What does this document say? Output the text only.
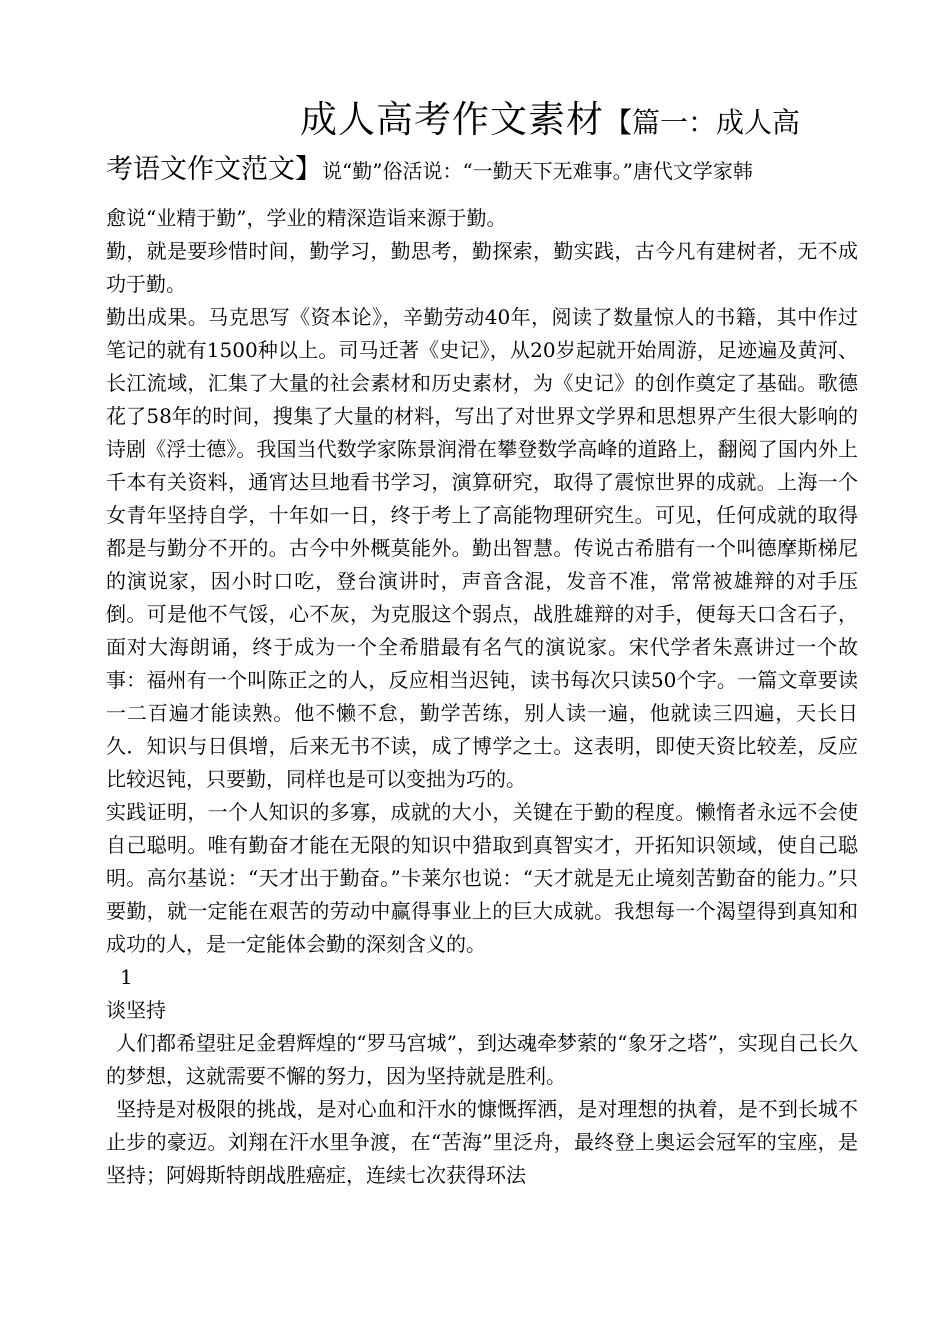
成人高考作文素材【篇一：成人高
考语文作文范文】说“勤”俗活说：“一勤天下无难事。”唐代文学家韩

愈说“业精于勤”，学业的精深造诣来源于勤。

勤，就是要珍惜时间，勤学习，勤思考，勤探索，勤实践，古今凡有建树者，无不成功于勤。

勤出成果。马克思写《资本论》，辛勤劳动40年，阅读了数量惊人的书籍，其中作过笔记的就有1500种以上。司马迁著《史记》，从20岁起就开始周游，足迹遍及黄河、长江流域，汇集了大量的社会素材和历史素材，为《史记》的创作奠定了基础。歌德花了58年的时间，搜集了大量的材料，写出了对世界文学界和思想界产生很大影响的诗剧《浮士德》。我国当代数学家陈景润滑在攀登数学高峰的道路上，翻阅了国内外上千本有关资料，通宵达旦地看书学习，演算研究，取得了震惊世界的成就。上海一个女青年坚持自学，十年如一日，终于考上了高能物理研究生。可见，任何成就的取得都是与勤分不开的。古今中外概莫能外。勤出智慧。传说古希腊有一个叫德摩斯梯尼的演说家，因小时口吃，登台演讲时，声音含混，发音不准，常常被雄辩的对手压倒。可是他不气馁，心不灰，为克服这个弱点，战胜雄辩的对手，便每天口含石子，面对大海朗诵，终于成为一个全希腊最有名气的演说家。宋代学者朱熹讲过一个故事：福州有一个叫陈正之的人，反应相当迟钝，读书每次只读50个字。一篇文章要读一二百遍才能读熟。他不懒不怠，勤学苦练，别人读一遍，他就读三四遍，天长日久．知识与日俱增，后来无书不读，成了博学之士。这表明，即使天资比较差，反应比较迟钝，只要勤，同样也是可以变拙为巧的。

实践证明，一个人知识的多寡，成就的大小，关键在于勤的程度。懒惰者永远不会使自己聪明。唯有勤奋才能在无限的知识中猎取到真智实才，开拓知识领域，使自己聪明。高尔基说：“天才出于勤奋。”卡莱尔也说：“天才就是无止境刻苦勤奋的能力。”只要勤，就一定能在艰苦的劳动中赢得事业上的巨大成就。我想每一个渴望得到真知和成功的人，是一定能体会勤的深刻含义的。

1

谈坚持

人们都希望驻足金碧辉煌的“罗马宫城”，到达魂牵梦萦的“象牙之塔”，实现自己长久的梦想，这就需要不懈的努力，因为坚持就是胜利。

坚持是对极限的挑战，是对心血和汗水的慷慨挥洒，是对理想的执着，是不到长城不止步的豪迈。刘翔在汗水里争渡，在“苦海”里泛舟，最终登上奥运会冠军的宝座，是坚持；阿姆斯特朗战胜癌症，连续七次获得环法
